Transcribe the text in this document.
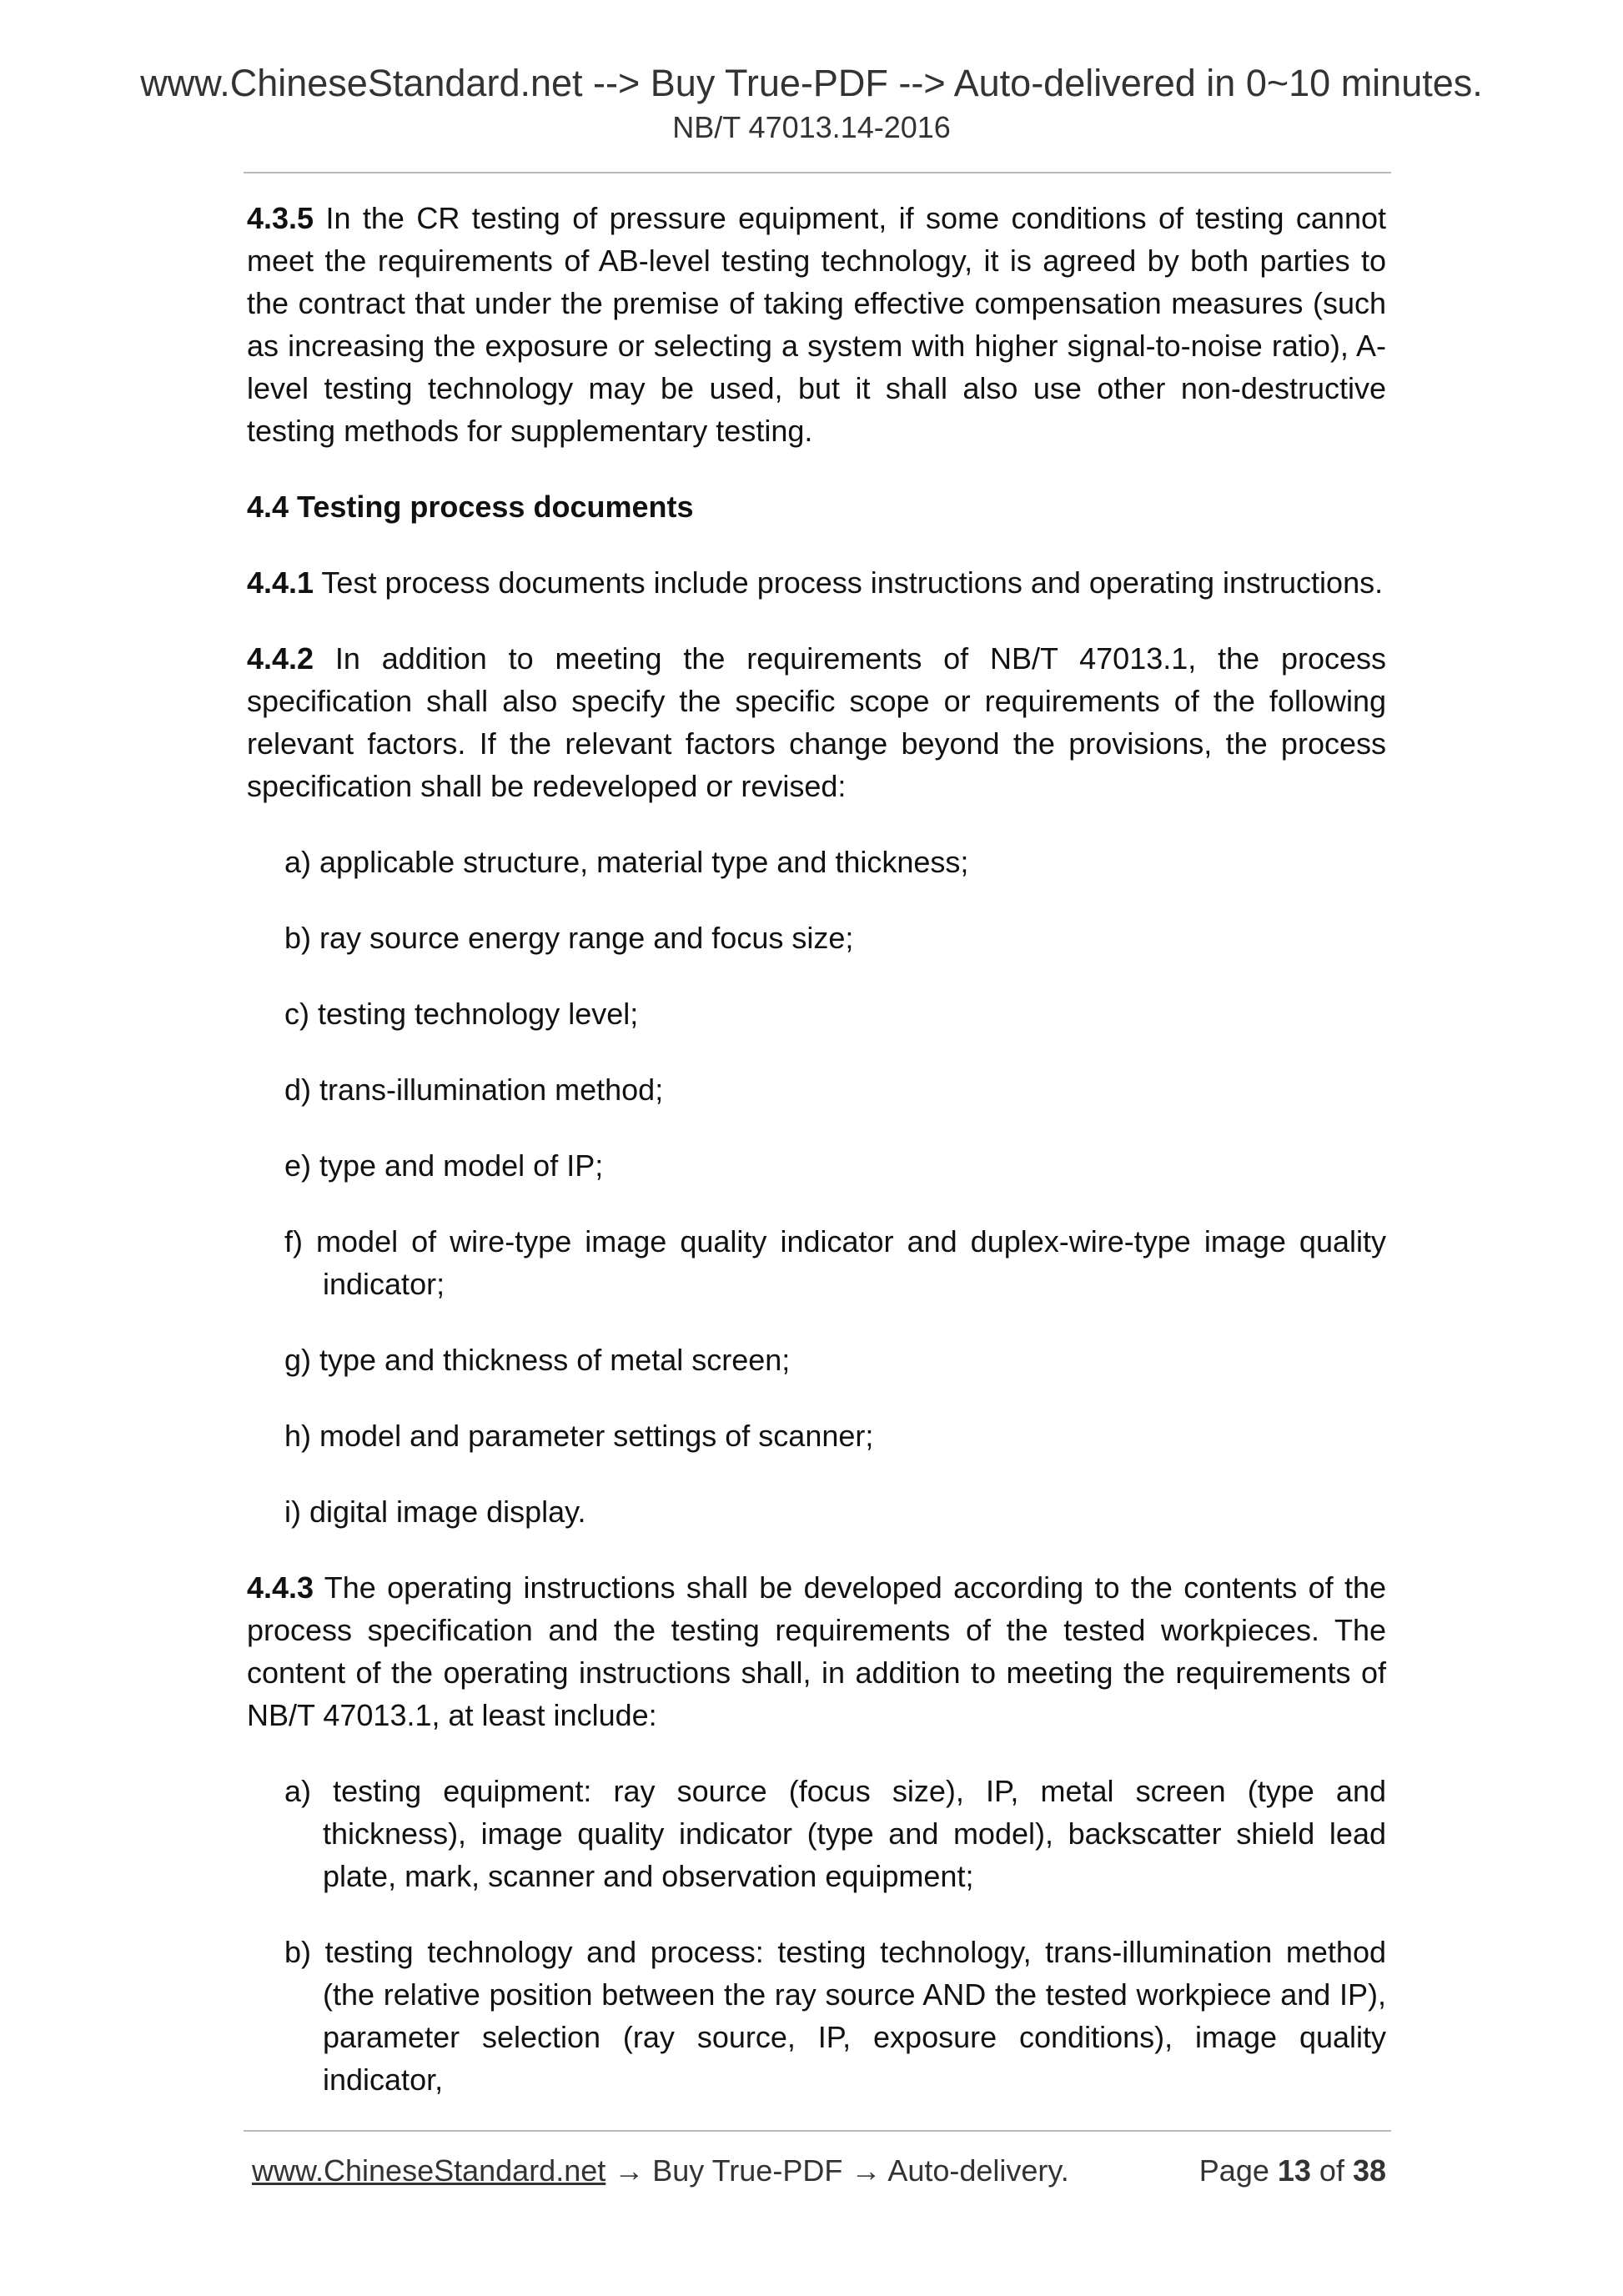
www.ChineseStandard.net --> Buy True-PDF --> Auto-delivered in 0~10 minutes.
NB/T 47013.14-2016

4.3.5 In the CR testing of pressure equipment, if some conditions of testing cannot meet the requirements of AB-level testing technology, it is agreed by both parties to the contract that under the premise of taking effective compensation measures (such as increasing the exposure or selecting a system with higher signal-to-noise ratio), A-level testing technology may be used, but it shall also use other non-destructive testing methods for supplementary testing.

4.4 Testing process documents

4.4.1 Test process documents include process instructions and operating instructions.

4.4.2 In addition to meeting the requirements of NB/T 47013.1, the process specification shall also specify the specific scope or requirements of the following relevant factors. If the relevant factors change beyond the provisions, the process specification shall be redeveloped or revised:

a) applicable structure, material type and thickness;
b) ray source energy range and focus size;
c) testing technology level;
d) trans-illumination method;
e) type and model of IP;
f) model of wire-type image quality indicator and duplex-wire-type image quality indicator;
g) type and thickness of metal screen;
h) model and parameter settings of scanner;
i) digital image display.

4.4.3 The operating instructions shall be developed according to the contents of the process specification and the testing requirements of the tested workpieces. The content of the operating instructions shall, in addition to meeting the requirements of NB/T 47013.1, at least include:

a) testing equipment: ray source (focus size), IP, metal screen (type and thickness), image quality indicator (type and model), backscatter shield lead plate, mark, scanner and observation equipment;
b) testing technology and process: testing technology, trans-illumination method (the relative position between the ray source AND the tested workpiece and IP), parameter selection (ray source, IP, exposure conditions), image quality indicator,
www.ChineseStandard.net → Buy True-PDF → Auto-delivery.	Page 13 of 38
